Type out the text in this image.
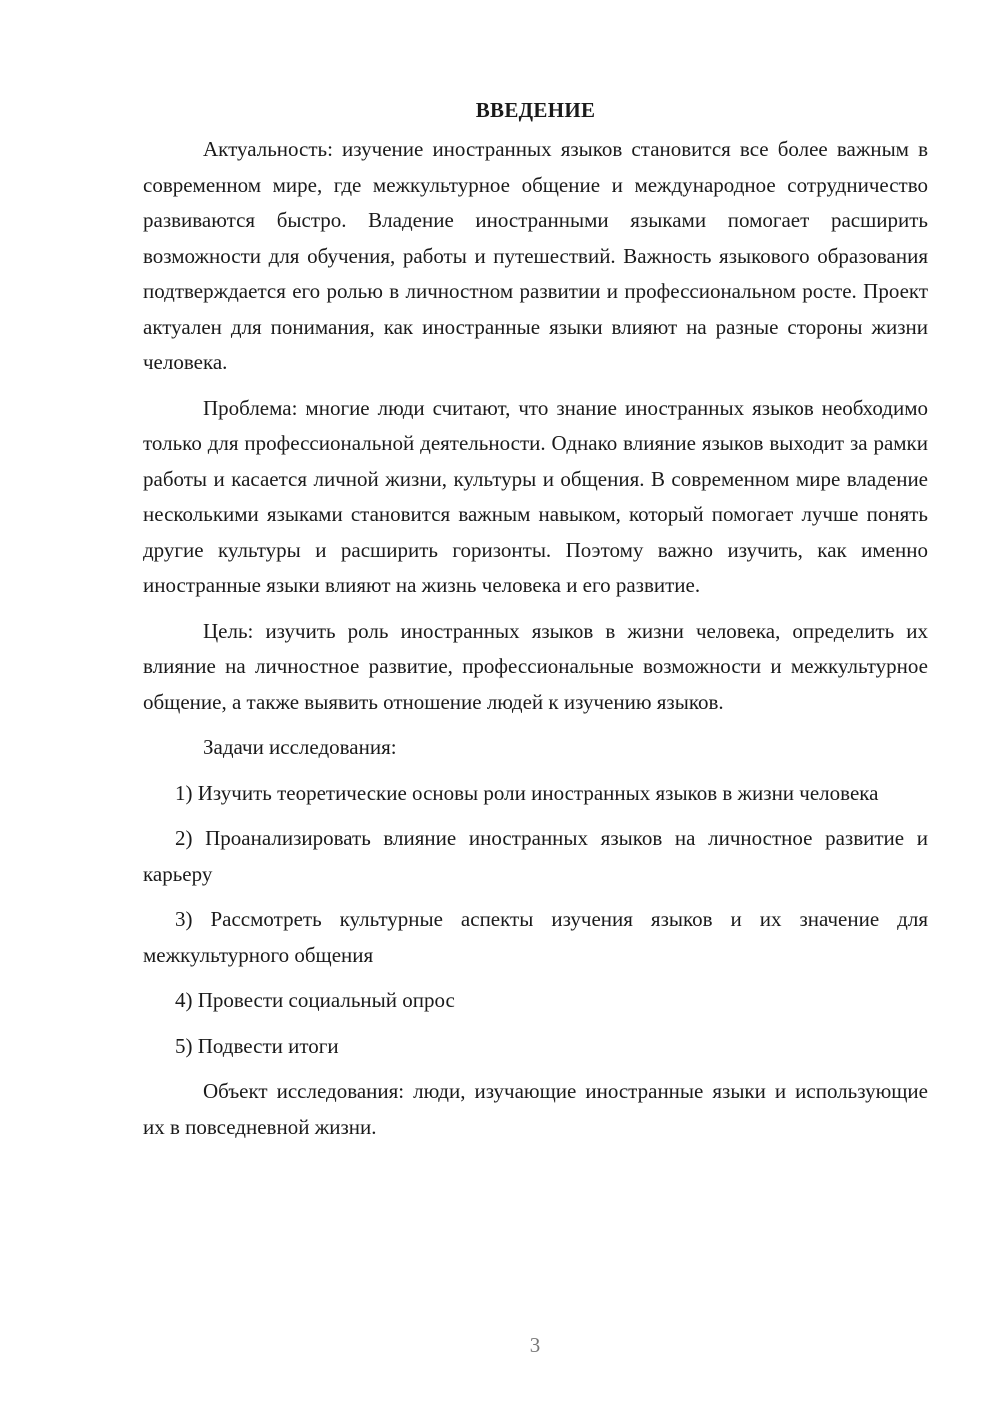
ВВЕДЕНИЕ

Актуальность: изучение иностранных языков становится все более важным в современном мире, где межкультурное общение и международное сотрудничество развиваются быстро. Владение иностранными языками помогает расширить возможности для обучения, работы и путешествий. Важность языкового образования подтверждается его ролью в личностном развитии и профессиональном росте. Проект актуален для понимания, как иностранные языки влияют на разные стороны жизни человека.

Проблема: многие люди считают, что знание иностранных языков необходимо только для профессиональной деятельности. Однако влияние языков выходит за рамки работы и касается личной жизни, культуры и общения. В современном мире владение несколькими языками становится важным навыком, который помогает лучше понять другие культуры и расширить горизонты. Поэтому важно изучить, как именно иностранные языки влияют на жизнь человека и его развитие.

Цель: изучить роль иностранных языков в жизни человека, определить их влияние на личностное развитие, профессиональные возможности и межкультурное общение, а также выявить отношение людей к изучению языков.

Задачи исследования:

1) Изучить теоретические основы роли иностранных языков в жизни человека

2) Проанализировать влияние иностранных языков на личностное развитие и карьеру

3) Рассмотреть культурные аспекты изучения языков и их значение для межкультурного общения

4) Провести социальный опрос

5) Подвести итоги

Объект исследования: люди, изучающие иностранные языки и использующие их в повседневной жизни.

3
